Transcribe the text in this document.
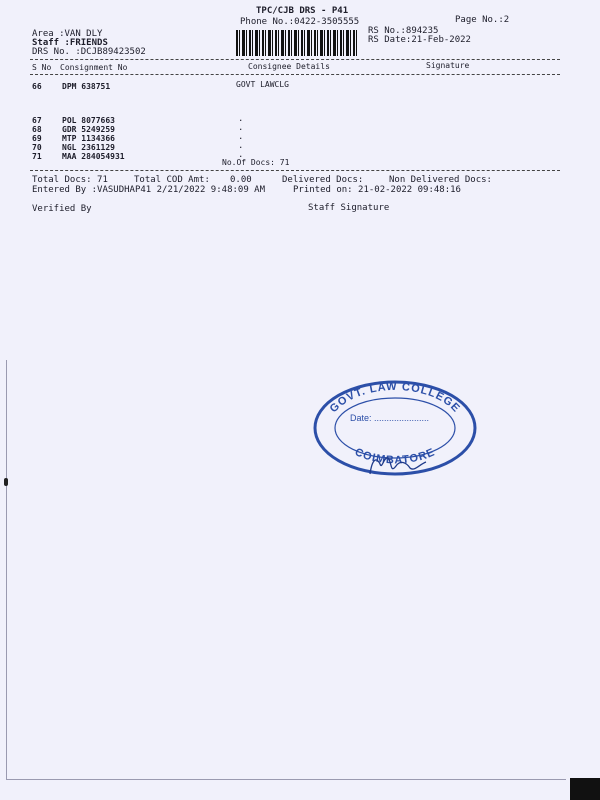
TPC/CJB DRS - P41
Phone No.:0422-3505555	Page No.:2
Area :VAN DLY
Staff :FRIENDS
DRS No. :DCJB89423502
RS No.:894235
RS Date:21-Feb-2022
S No Consignment No	Consignee Details	Signature
66	DPM 638751	GOVT LAWCLG
67	POL 8077663	.
68	GDR 5249259	.
69	MTP 1134366	.
70	NGL 2361129	.
71	MAA 284054931	.
No.Of Docs: 71
Total Docs: 71	Total COD Amt: 0.00	Delivered Docs:	Non Delivered Docs:
Entered By :VASUDHAP41 2/21/2022 9:48:09 AM	Printed on: 21-02-2022 09:48:16
Verified By	Staff Signature
GOVT. LAW COLLEGE
Date: ......................
COIMBATORE
